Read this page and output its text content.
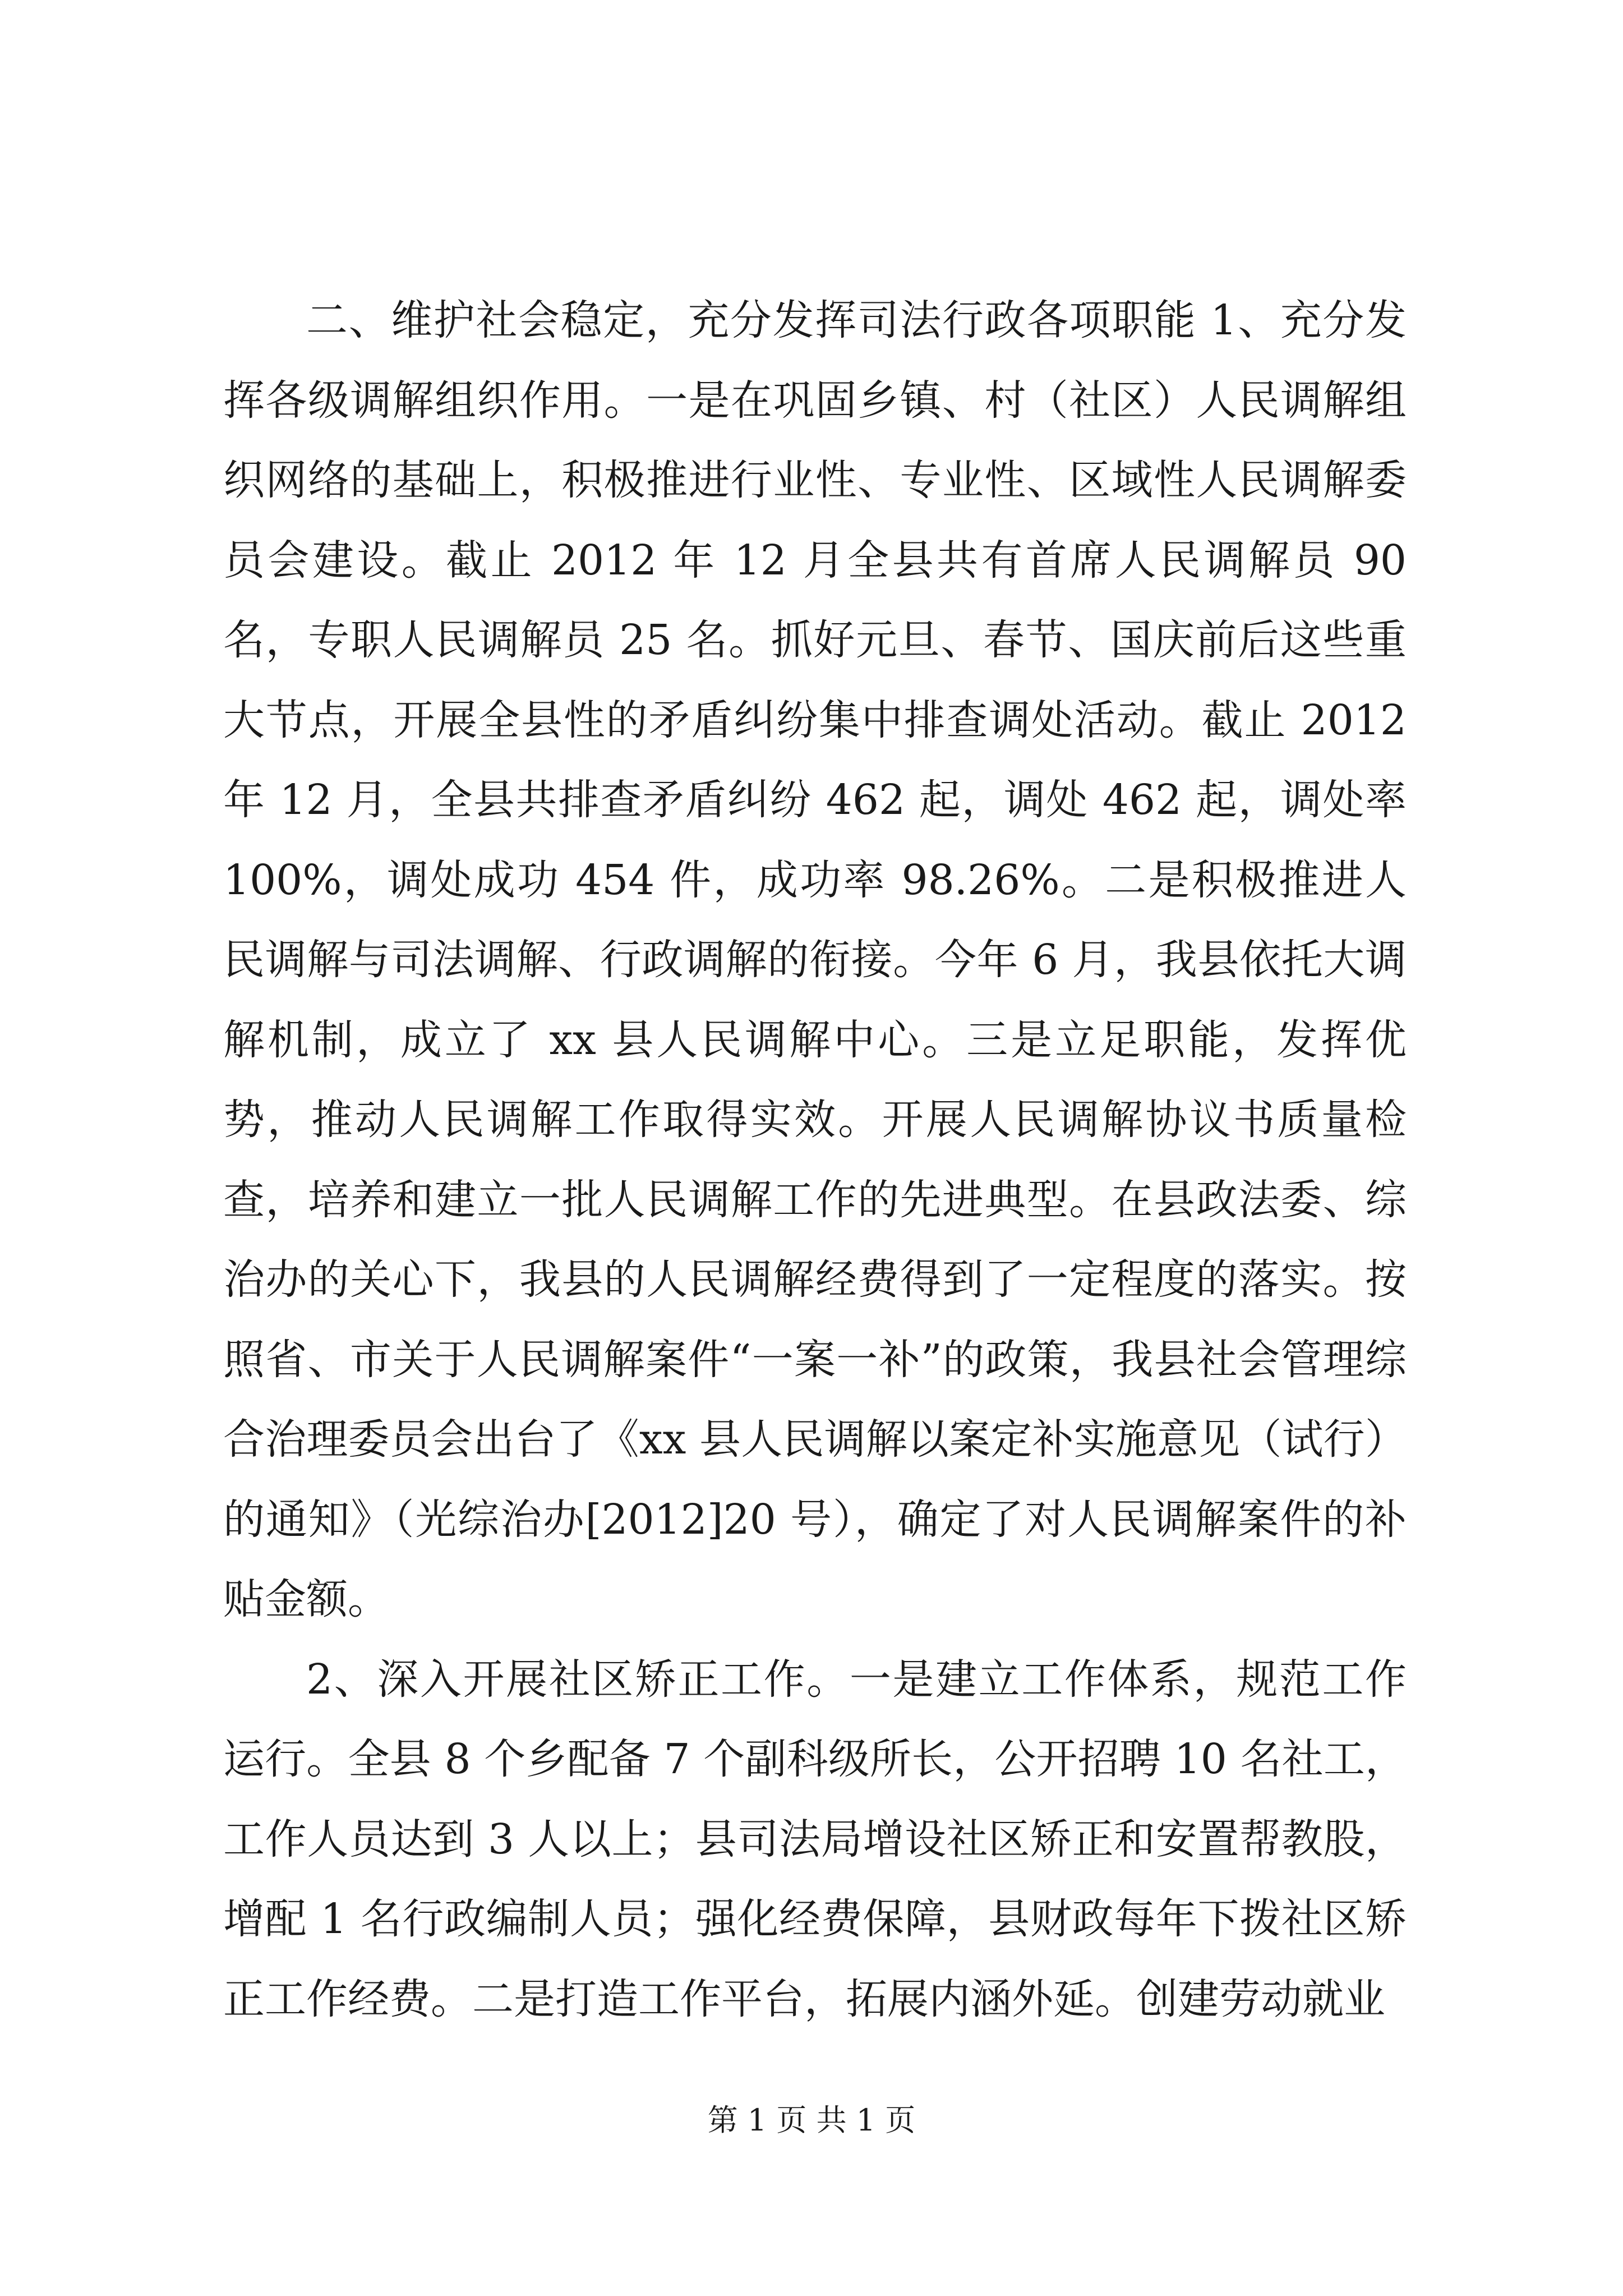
二、维护社会稳定，充分发挥司法行政各项职能 1、充分发挥各级调解组织作用。一是在巩固乡镇、村（社区）人民调解组织网络的基础上，积极推进行业性、专业性、区域性人民调解委员会建设。截止 2012 年 12 月全县共有首席人民调解员 90 名，专职人民调解员 25 名。抓好元旦、春节、国庆前后这些重大节点，开展全县性的矛盾纠纷集中排查调处活动。截止 2012 年 12 月，全县共排查矛盾纠纷 462 起，调处 462 起，调处率 100%，调处成功 454 件，成功率 98.26%。二是积极推进人民调解与司法调解、行政调解的衔接。今年 6 月，我县依托大调解机制，成立了 xx 县人民调解中心。三是立足职能，发挥优势，推动人民调解工作取得实效。开展人民调解协议书质量检查，培养和建立一批人民调解工作的先进典型。在县政法委、综治办的关心下，我县的人民调解经费得到了一定程度的落实。按照省、市关于人民调解案件“一案一补”的政策，我县社会管理综合治理委员会出台了《xx 县人民调解以案定补实施意见（试行）的通知》（光综治办[2012]20 号），确定了对人民调解案件的补贴金额。

2、深入开展社区矫正工作。一是建立工作体系，规范工作运行。全县 8 个乡配备 7 个副科级所长，公开招聘 10 名社工，工作人员达到 3 人以上；县司法局增设社区矫正和安置帮教股，增配 1 名行政编制人员；强化经费保障，县财政每年下拨社区矫正工作经费。二是打造工作平台，拓展内涵外延。创建劳动就业

第 1 页 共 1 页
